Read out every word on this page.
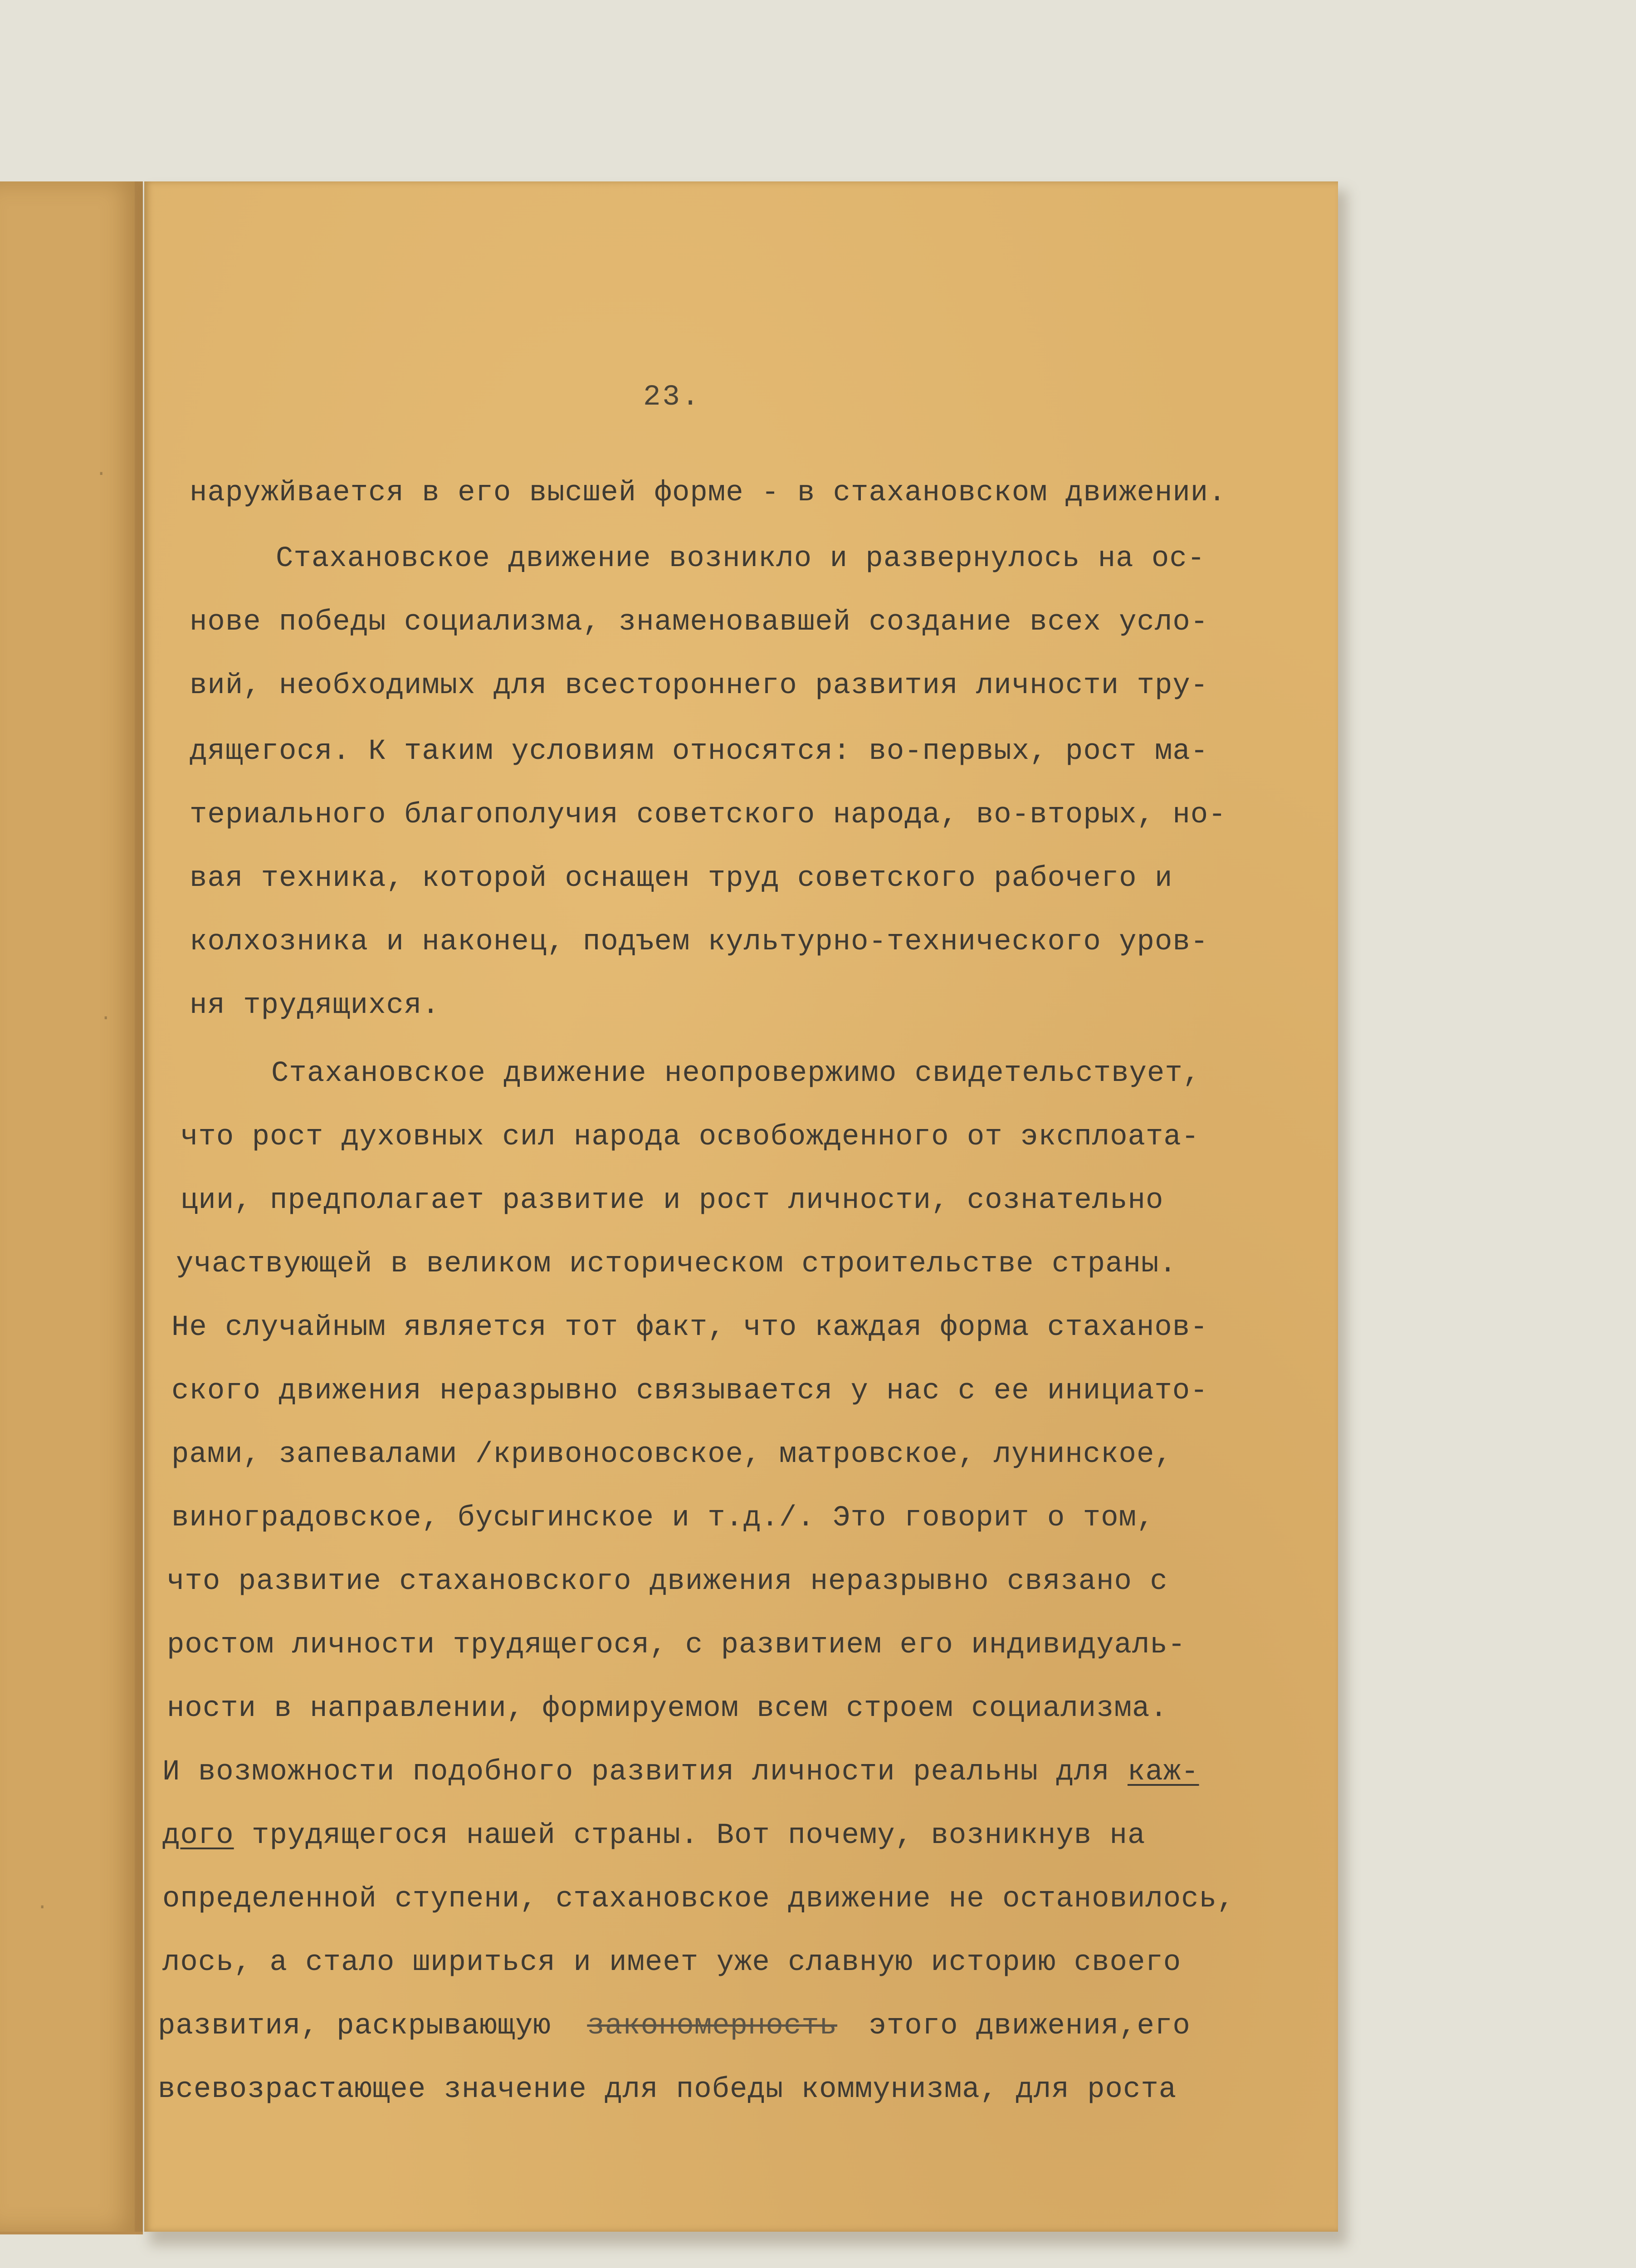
·
·
·
23.
наружйвается в его высшей форме - в стахановском движении.
Стахановское движение возникло и развернулось на ос-
нове победы социализма, знаменовавшей создание всех усло-
вий, необходимых для всестороннего развития личности тру-
дящегося. К таким условиям относятся: во-первых, рост ма-
териального благополучия советского народа, во-вторых, но-
вая техника, которой оснащен труд советского рабочего и
колхозника и наконец, подъем культурно-технического уров-
ня трудящихся.
Стахановское движение неопровержимо свидетельствует,
что рост духовных сил народа освобожденного от эксплоата-
ции, предполагает развитие и рост личности, сознательно
участвующей в великом историческом строительстве страны.
Не случайным является тот факт, что каждая форма стаханов-
ского движения неразрывно связывается у нас с ее инициато-
рами, запевалами /кривоносовское, матровское, лунинское,
виноградовское, бусыгинское и т.д./. Это говорит о том,
что развитие стахановского движения неразрывно связано с
ростом личности трудящегося, с развитием его индивидуаль-
ности в направлении, формируемом всем строем социализма.
И возможности подобного развития личности реальны для каж-
дого трудящегося нашей страны. Вот почему, возникнув на
определенной ступени, стахановское движение не остановилось,
лось, а стало шириться и имеет уже славную историю своего
развития, раскрывающую закономерность этого движения,его
всевозрастающее значение для победы коммунизма, для роста
